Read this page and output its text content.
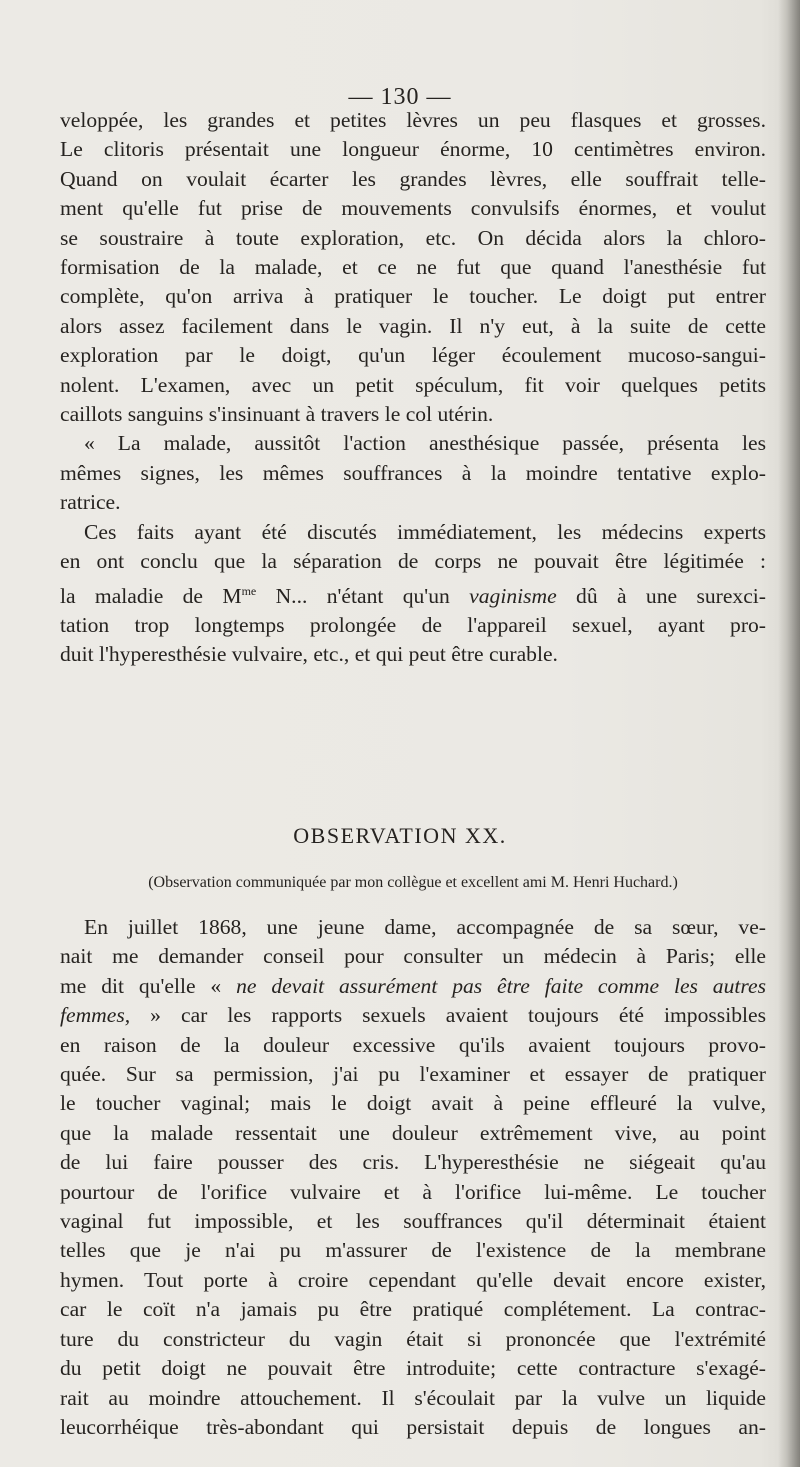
— 130 —

veloppée, les grandes et petites lèvres un peu flasques et grosses.

Le clitoris présentait une longueur énorme, 10 centimètres environ.

Quand on voulait écarter les grandes lèvres, elle souffrait telle-

ment qu'elle fut prise de mouvements convulsifs énormes, et voulut

se soustraire à toute exploration, etc. On décida alors la chloro-

formisation de la malade, et ce ne fut que quand l'anesthésie fut

complète, qu'on arriva à pratiquer le toucher. Le doigt put entrer

alors assez facilement dans le vagin. Il n'y eut, à la suite de cette

exploration par le doigt, qu'un léger écoulement mucoso-sangui-

nolent. L'examen, avec un petit spéculum, fit voir quelques petits

caillots sanguins s'insinuant à travers le col utérin.

« La malade, aussitôt l'action anesthésique passée, présenta les

mêmes signes, les mêmes souffrances à la moindre tentative explo-

ratrice.

Ces faits ayant été discutés immédiatement, les médecins experts

en ont conclu que la séparation de corps ne pouvait être légitimée :

la maladie de $M^{me}$ N... n'étant qu'un vaginisme dû à une surexci-

tation trop longtemps prolongée de l'appareil sexuel, ayant pro-

duit l'hyperesthésie vulvaire, etc., et qui peut être curable.

OBSERVATION XX.
(Observation communiquée par mon collègue et excellent ami M. Henri Huchard.)

En juillet 1868, une jeune dame, accompagnée de sa sœur, ve-

nait me demander conseil pour consulter un médecin à Paris; elle

me dit qu'elle « ne devait assurément pas être faite comme les autres

femmes, » car les rapports sexuels avaient toujours été impossibles

en raison de la douleur excessive qu'ils avaient toujours provo-

quée. Sur sa permission, j'ai pu l'examiner et essayer de pratiquer

le toucher vaginal; mais le doigt avait à peine effleuré la vulve,

que la malade ressentait une douleur extrêmement vive, au point

de lui faire pousser des cris. L'hyperesthésie ne siégeait qu'au

pourtour de l'orifice vulvaire et à l'orifice lui-même. Le toucher

vaginal fut impossible, et les souffrances qu'il déterminait étaient

telles que je n'ai pu m'assurer de l'existence de la membrane

hymen. Tout porte à croire cependant qu'elle devait encore exister,

car le coït n'a jamais pu être pratiqué complétement. La contrac-

ture du constricteur du vagin était si prononcée que l'extrémité

du petit doigt ne pouvait être introduite; cette contracture s'exagé-

rait au moindre attouchement. Il s'écoulait par la vulve un liquide

leucorrhéique très-abondant qui persistait depuis de longues an-
